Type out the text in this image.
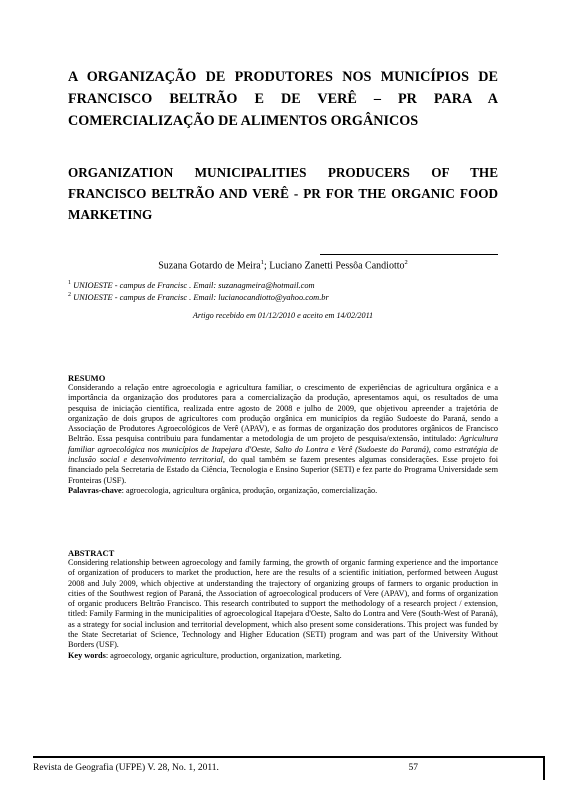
A ORGANIZAÇÃO DE PRODUTORES NOS MUNICÍPIOS DE FRANCISCO BELTRÃO E DE VERÊ – PR PARA A COMERCIALIZAÇÃO DE ALIMENTOS ORGÂNICOS
ORGANIZATION MUNICIPALITIES PRODUCERS OF THE FRANCISCO BELTRÃO AND VERÊ - PR FOR THE ORGANIC FOOD MARKETING
Suzana Gotardo de Meira$^1$; Luciano Zanetti Pessôa Candiotto$^2$
$^1$ UNIOESTE - campus de Francisc . Email: suzanagmeira@hotmail.com
$^2$ UNIOESTE - campus de Francisc . Email: lucianocandiotto@yahoo.com.br
Artigo recebido em 01/12/2010 e aceito em 14/02/2011
RESUMO
Considerando a relação entre agroecologia e agricultura familiar, o crescimento de experiências de agricultura orgânica e a importância da organização dos produtores para a comercialização da produção, apresentamos aqui, os resultados de uma pesquisa de iniciação científica, realizada entre agosto de 2008 e julho de 2009, que objetivou apreender a trajetória de organização de dois grupos de agricultores com produção orgânica em municípios da região Sudoeste do Paraná, sendo a Associação de Produtores Agroecológicos de Verê (APAV), e as formas de organização dos produtores orgânicos de Francisco Beltrão. Essa pesquisa contribuiu para fundamentar a metodologia de um projeto de pesquisa/extensão, intitulado: Agricultura familiar agroecológica nos municípios de Itapejara d'Oeste, Salto do Lontra e Verê (Sudoeste do Paraná), como estratégia de inclusão social e desenvolvimento territorial, do qual também se fazem presentes algumas considerações. Esse projeto foi financiado pela Secretaria de Estado da Ciência, Tecnologia e Ensino Superior (SETI) e fez parte do Programa Universidade sem Fronteiras (USF).
Palavras-chave: agroecologia, agricultura orgânica, produção, organização, comercialização.
ABSTRACT
Considering relationship between agroecology and family farming, the growth of organic farming experience and the importance of organization of producers to market the production, here are the results of a scientific initiation, performed between August 2008 and July 2009, which objective at understanding the trajectory of organizing groups of farmers to organic production in cities of the Southwest region of Paraná, the Association of agroecological producers of Vere (APAV), and forms of organization of organic producers Beltrão Francisco. This research contributed to support the methodology of a research project / extension, titled: Family Farming in the municipalities of agroecological Itapejara d'Oeste, Salto do Lontra and Vere (South-West of Paraná), as a strategy for social inclusion and territorial development, which also present some considerations. This project was funded by the State Secretariat of Science, Technology and Higher Education (SETI) program and was part of the University Without Borders (USF).
Key words: agroecology, organic agriculture, production, organization, marketing.
Revista de Geografia (UFPE) V. 28, No. 1, 2011.	57
